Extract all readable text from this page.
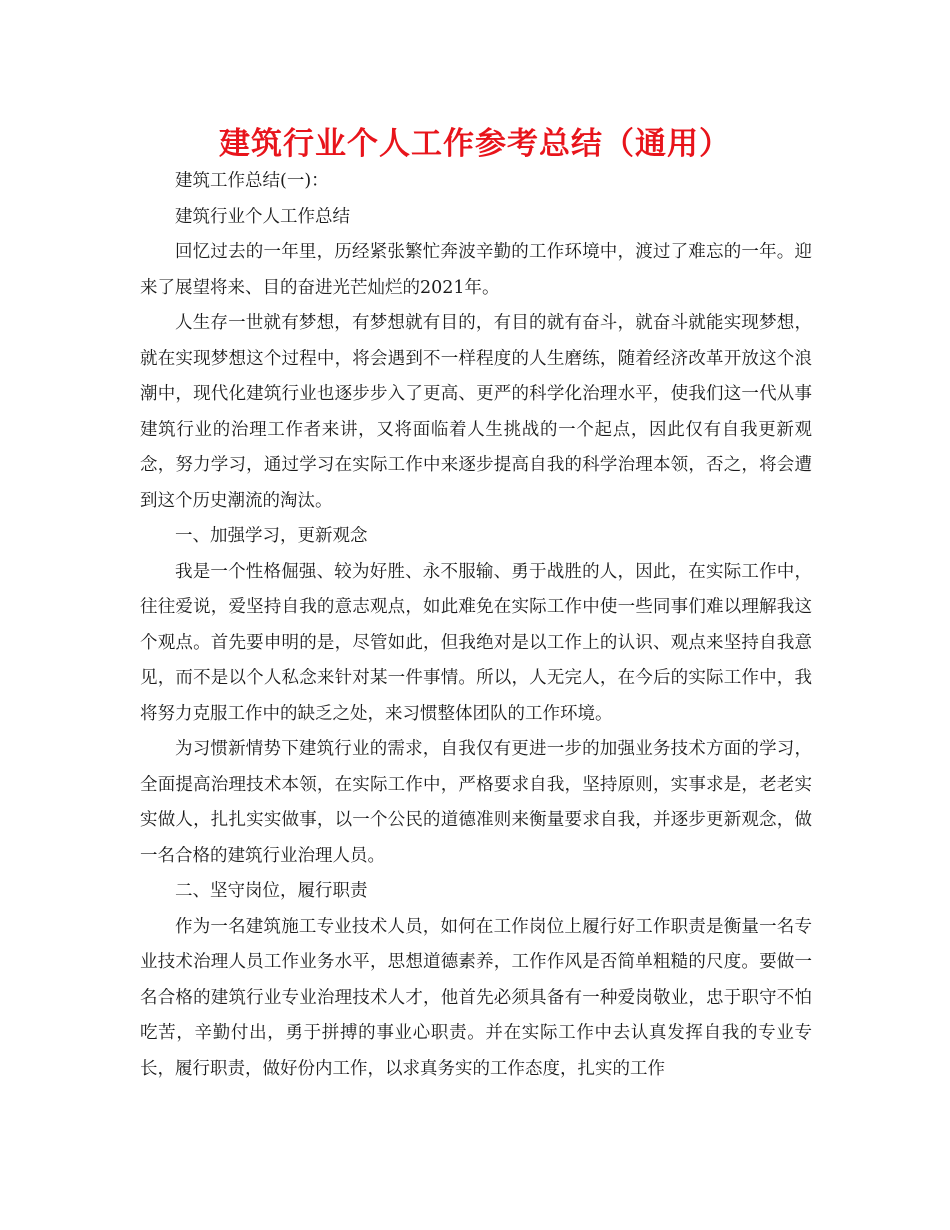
建筑行业个人工作参考总结（通用）

建筑工作总结(一)：

建筑行业个人工作总结

回忆过去的一年里，历经紧张繁忙奔波辛勤的工作环境中，渡过了难忘的一年。迎来了展望将来、目的奋进光芒灿烂的2021年。

人生存一世就有梦想，有梦想就有目的，有目的就有奋斗，就奋斗就能实现梦想，就在实现梦想这个过程中，将会遇到不一样程度的人生磨练，随着经济改革开放这个浪潮中，现代化建筑行业也逐步步入了更高、更严的科学化治理水平，使我们这一代从事建筑行业的治理工作者来讲，又将面临着人生挑战的一个起点，因此仅有自我更新观念，努力学习，通过学习在实际工作中来逐步提高自我的科学治理本领，否之，将会遭到这个历史潮流的淘汰。

一、加强学习，更新观念

我是一个性格倔强、较为好胜、永不服输、勇于战胜的人，因此，在实际工作中，往往爱说，爱坚持自我的意志观点，如此难免在实际工作中使一些同事们难以理解我这个观点。首先要申明的是，尽管如此，但我绝对是以工作上的认识、观点来坚持自我意见，而不是以个人私念来针对某一件事情。所以，人无完人，在今后的实际工作中，我将努力克服工作中的缺乏之处，来习惯整体团队的工作环境。

为习惯新情势下建筑行业的需求，自我仅有更进一步的加强业务技术方面的学习，全面提高治理技术本领，在实际工作中，严格要求自我，坚持原则，实事求是，老老实实做人，扎扎实实做事，以一个公民的道德准则来衡量要求自我，并逐步更新观念，做一名合格的建筑行业治理人员。

二、坚守岗位，履行职责

作为一名建筑施工专业技术人员，如何在工作岗位上履行好工作职责是衡量一名专业技术治理人员工作业务水平，思想道德素养，工作作风是否简单粗糙的尺度。要做一名合格的建筑行业专业治理技术人才，他首先必须具备有一种爱岗敬业，忠于职守不怕吃苦，辛勤付出，勇于拼搏的事业心职责。并在实际工作中去认真发挥自我的专业专长，履行职责，做好份内工作，以求真务实的工作态度，扎实的工作
